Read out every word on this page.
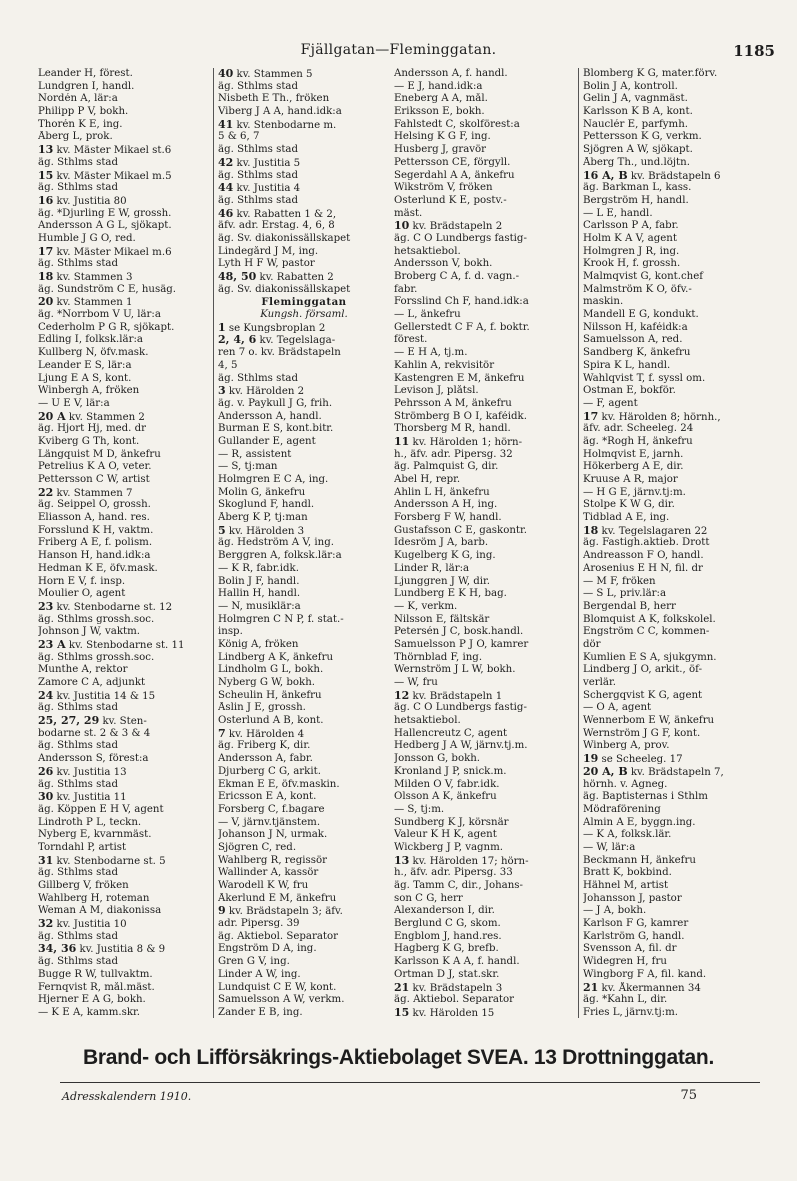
Fjällgatan—Fleminggatan.	1185
Leander H, förest.
Lundgren I, handl.
Nordén A, lär:a
Philipp P V, bokh.
Thorén K E, ing.
Åberg L, prok.
13 kv. Mäster Mikael st.6
äg. Sthlms stad
15 kv. Mäster Mikael m.5
äg. Sthlms stad
16 kv. Justitia 80
äg. *Djurling E W, grossh.
Andersson A G L, sjökapt.
Humble J G O, red.
17 kv. Mäster Mikael m.6
äg. Sthlms stad
18 kv. Stammen 3
äg. Sundström C E, husäg.
20 kv. Stammen 1
äg. *Norrbom V U, lär:a
Cederholm P G R, sjökapt.
Edling I, folksk.lär:a
Kullberg N, öfv.mask.
Leander E S, lär:a
Ljung E A S, kont.
Winbergh A, fröken
— U E V, lär:a
20 A kv. Stammen 2
äg. Hjort Hj, med. dr
Kviberg G Th, kont.
Längquist M D, änkefru
Petrelius K A O, veter.
Pettersson C W, artist
22 kv. Stammen 7
äg. Seippel O, grossh.
Eliasson A, hand. res.
Forsslund K H, vaktm.
Friberg A E, f. polism.
Hanson H, hand.idk:a
Hedman K E, öfv.mask.
Horn E V, f. insp.
Moulier O, agent
23 kv. Stenbodarne st. 12
äg. Sthlms grossh.soc.
Johnson J W, vaktm.
23 A kv. Stenbodarne st. 11
äg. Sthlms grossh.soc.
Munthe A, rektor
Zamore C A, adjunkt
24 kv. Justitia 14 & 15
äg. Sthlms stad
25, 27, 29 kv. Sten-
bodarne st. 2 & 3 & 4
äg. Sthlms stad
Andersson S, förest:a
26 kv. Justitia 13
äg. Sthlms stad
30 kv. Justitia 11
äg. Köppen E H V, agent
Lindroth P L, teckn.
Nyberg E, kvarnmäst.
Torndahl P, artist
31 kv. Stenbodarne st. 5
äg. Sthlms stad
Gillberg V, fröken
Wahlberg H, roteman
Weman A M, diakonissa
32 kv. Justitia 10
äg. Sthlms stad
34, 36 kv. Justitia 8 & 9
äg. Sthlms stad
Bugge R W, tullvaktm.
Fernqvist R, mål.mäst.
Hjerner E A G, bokh.
— K E A, kamm.skr.
40 kv. Stammen 5
äg. Sthlms stad
Nisbeth E Th., fröken
Viberg J A A, hand.idk:a
41 kv. Stenbodarne m.
5 & 6, 7
äg. Sthlms stad
42 kv. Justitia 5
äg. Sthlms stad
44 kv. Justitia 4
äg. Sthlms stad
46 kv. Rabatten 1 & 2,
äfv. adr. Erstag. 4, 6, 8
äg. Sv. diakonissällskapet
Lindegård J M, ing.
Lyth H F W, pastor
48, 50 kv. Rabatten 2
äg. Sv. diakonissällskapet
Fleminggatan
Kungsh. församl.
1 se Kungsbroplan 2
2, 4, 6 kv. Tegelslaga-
ren 7 o. kv. Brädstapeln
4, 5
äg. Sthlms stad
3 kv. Härolden 2
äg. v. Paykull J G, frih.
Andersson A, handl.
Burman E S, kont.bitr.
Gullander E, agent
— R, assistent
— S, tj:man
Holmgren E C A, ing.
Molin G, änkefru
Skoglund F, handl.
Åberg K P, tj:man
5 kv. Härolden 3
äg. Hedström A V, ing.
Berggren A, folksk.lär:a
— K R, fabr.idk.
Bolin J F, handl.
Hallin H, handl.
— N, musiklär:a
Holmgren C N P, f. stat.-
insp.
König A, fröken
Lindberg A K, änkefru
Lindholm G L, bokh.
Nyberg G W, bokh.
Scheulin H, änkefru
Åslin J E, grossh.
Österlund A B, kont.
7 kv. Härolden 4
äg. Friberg K, dir.
Andersson A, fabr.
Djurberg C G, arkit.
Ekman E E, öfv.maskin.
Ericsson E A, kont.
Forsberg C, f.bagare
— V, järnv.tjänstem.
Johanson J N, urmak.
Sjögren C, red.
Wahlberg R, regissör
Wallinder A, kassör
Warodell K W, fru
Åkerlund E M, änkefru
9 kv. Brädstapeln 3; äfv.
adr. Pipersg. 39
äg. Aktiebol. Separator
Engström D A, ing.
Gren G V, ing.
Linder A W, ing.
Lundquist C E W, kont.
Samuelsson A W, verkm.
Zander E B, ing.
Andersson A, f. handl.
— E J, hand.idk:a
Eneberg A A, mål.
Eriksson E, bokh.
Fahlstedt C, skolförest:a
Helsing K G F, ing.
Husberg J, gravör
Pettersson CE, förgyll.
Segerdahl A A, änkefru
Wikström V, fröken
Österlund K E, postv.-
mäst.
10 kv. Brädstapeln 2
äg. C O Lundbergs fastig-
hetsaktiebol.
Andersson V, bokh.
Broberg C A, f. d. vagn.-
fabr.
Forsslind Ch F, hand.idk:a
— L, änkefru
Gellerstedt C F A, f. boktr.
förest.
— E H A, tj.m.
Kahlin A, rekvisitör
Kastengren E M, änkefru
Levison J, plåtsl.
Pehrsson A M, änkefru
Strömberg B O I, kaféidk.
Thorsberg M R, handl.
11 kv. Härolden 1; hörn-
h., äfv. adr. Pipersg. 32
äg. Palmquist G, dir.
Abel H, repr.
Ahlin L H, änkefru
Andersson A H, ing.
Forsberg F W, handl.
Gustafsson C E, gaskontr.
Idesröm J A, barb.
Kugelberg K G, ing.
Linder R, lär:a
Ljunggren J W, dir.
Lundberg E K H, bag.
— K, verkm.
Nilsson E, fältskär
Petersén J C, bosk.handl.
Samuelsson P J O, kamrer
Thörnblad F, ing.
Wernström J L W, bokh.
— W, fru
12 kv. Brädstapeln 1
äg. C O Lundbergs fastig-
hetsaktiebol.
Hallencreutz C, agent
Hedberg J A W, järnv.tj.m.
Jonsson G, bokh.
Kronland J P, snick.m.
Milden O V, fabr.idk.
Olsson A K, änkefru
— S, tj:m.
Sundberg K J, körsnär
Valeur K H K, agent
Wickberg J P, vagnm.
13 kv. Härolden 17; hörn-
h., äfv. adr. Pipersg. 33
äg. Tamm C, dir., Johans-
son C G, herr
Alexanderson I, dir.
Berglund C G, skom.
Engblom J, hand.res.
Hagberg K G, brefb.
Karlsson K A A, f. handl.
Ortman D J, stat.skr.
21 kv. Brädstapeln 3
äg. Aktiebol. Separator
15 kv. Härolden 15
Blomberg K G, mater.förv.
Bolin J A, kontroll.
Gelin J A, vagnmäst.
Karlsson K B A, kont.
Nauclér E, parfymh.
Pettersson K G, verkm.
Sjögren A W, sjökapt.
Åberg Th., und.löjtn.
16 A, B kv. Brädstapeln 6
äg. Barkman L, kass.
Bergström H, handl.
— L E, handl.
Carlsson P A, fabr.
Holm K A V, agent
Holmgren J R, ing.
Krook H, f. grossh.
Malmqvist G, kont.chef
Malmström K O, öfv.-
maskin.
Mandell E G, kondukt.
Nilsson H, kaféidk:a
Samuelsson A, red.
Sandberg K, änkefru
Spira K L, handl.
Wahlqvist T, f. syssl om.
Östman E, bokför.
— F, agent
17 kv. Härolden 8; hörnh.,
äfv. adr. Scheeleg. 24
äg. *Rogh H, änkefru
Holmqvist E, jarnh.
Hökerberg A E, dir.
Kruuse A R, major
— H G E, järnv.tj:m.
Stolpe K W G, dir.
Tidblad A E, ing.
18 kv. Tegelslagaren 22
äg. Fastigh.aktieb. Drott
Andreasson F O, handl.
Arosenius E H N, fil. dr
— M F, fröken
— S L, priv.lär:a
Bergendal B, herr
Blomquist A K, folkskolel.
Engström C C, kommen-
dör
Kumlien E S A, sjukgymn.
Lindberg J O, arkit., öf-
verlär.
Schergqvist K G, agent
— O A, agent
Wennerbom E W, änkefru
Wernström J G F, kont.
Winberg A, prov.
19 se Scheeleg. 17
20 A, B kv. Brädstapeln 7,
hörnh. v. Agneg.
äg. Baptisternas i Sthlm
Mödraförening
Almin A E, byggn.ing.
— K A, folksk.lär.
— W, lär:a
Beckmann H, änkefru
Bratt K, bokbind.
Hähnel M, artist
Johansson J, pastor
— J A, bokh.
Karlson F G, kamrer
Karlström G, handl.
Svensson A, fil. dr
Widegren H, fru
Wingborg F A, fil. kand.
21 kv. Åkermannen 34
äg. *Kahn L, dir.
Fries L, järnv.tj:m.
Brand- och Lifförsäkrings-Aktiebolaget SVEA. 13 Drottninggatan.
Adresskalendern 1910.	75
